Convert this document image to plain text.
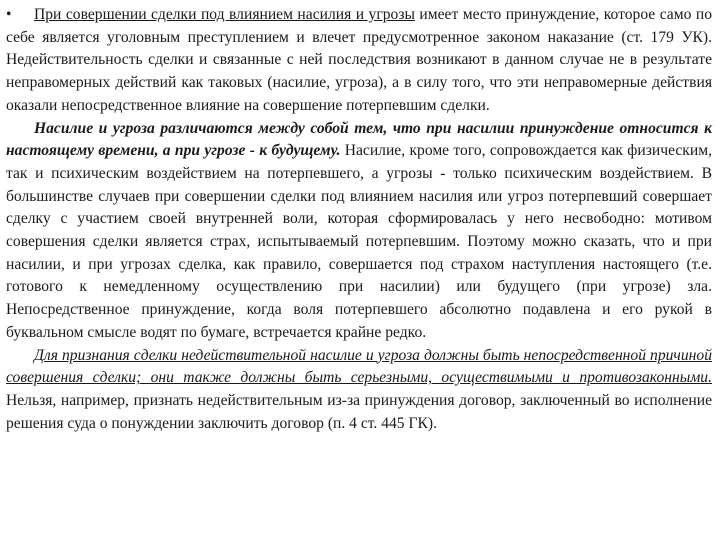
• При совершении сделки под влиянием насилия и угрозы имеет место принуждение, которое само по себе является уголовным преступлением и влечет предусмотренное законом наказание (ст. 179 УК). Недействительность сделки и связанные с ней последствия возникают в данном случае не в результате неправомерных действий как таковых (насилие, угроза), а в силу того, что эти неправомерные действия оказали непосредственное влияние на совершение потерпевшим сделки.

Насилие и угроза различаются между собой тем, что при насилии принуждение относится к настоящему времени, а при угрозе - к будущему. Насилие, кроме того, сопровождается как физическим, так и психическим воздействием на потерпевшего, а угрозы - только психическим воздействием. В большинстве случаев при совершении сделки под влиянием насилия или угроз потерпевший совершает сделку с участием своей внутренней воли, которая сформировалась у него несвободно: мотивом совершения сделки является страх, испытываемый потерпевшим. Поэтому можно сказать, что и при насилии, и при угрозах сделка, как правило, совершается под страхом наступления настоящего (т.е. готового к немедленному осуществлению при насилии) или будущего (при угрозе) зла. Непосредственное принуждение, когда воля потерпевшего абсолютно подавлена и его рукой в буквальном смысле водят по бумаге, встречается крайне редко.

Для признания сделки недействительной насилие и угроза должны быть непосредственной причиной совершения сделки; они также должны быть серьезными, осуществимыми и противозаконными. Нельзя, например, признать недействительным из-за принуждения договор, заключенный во исполнение решения суда о понуждении заключить договор (п. 4 ст. 445 ГК).
